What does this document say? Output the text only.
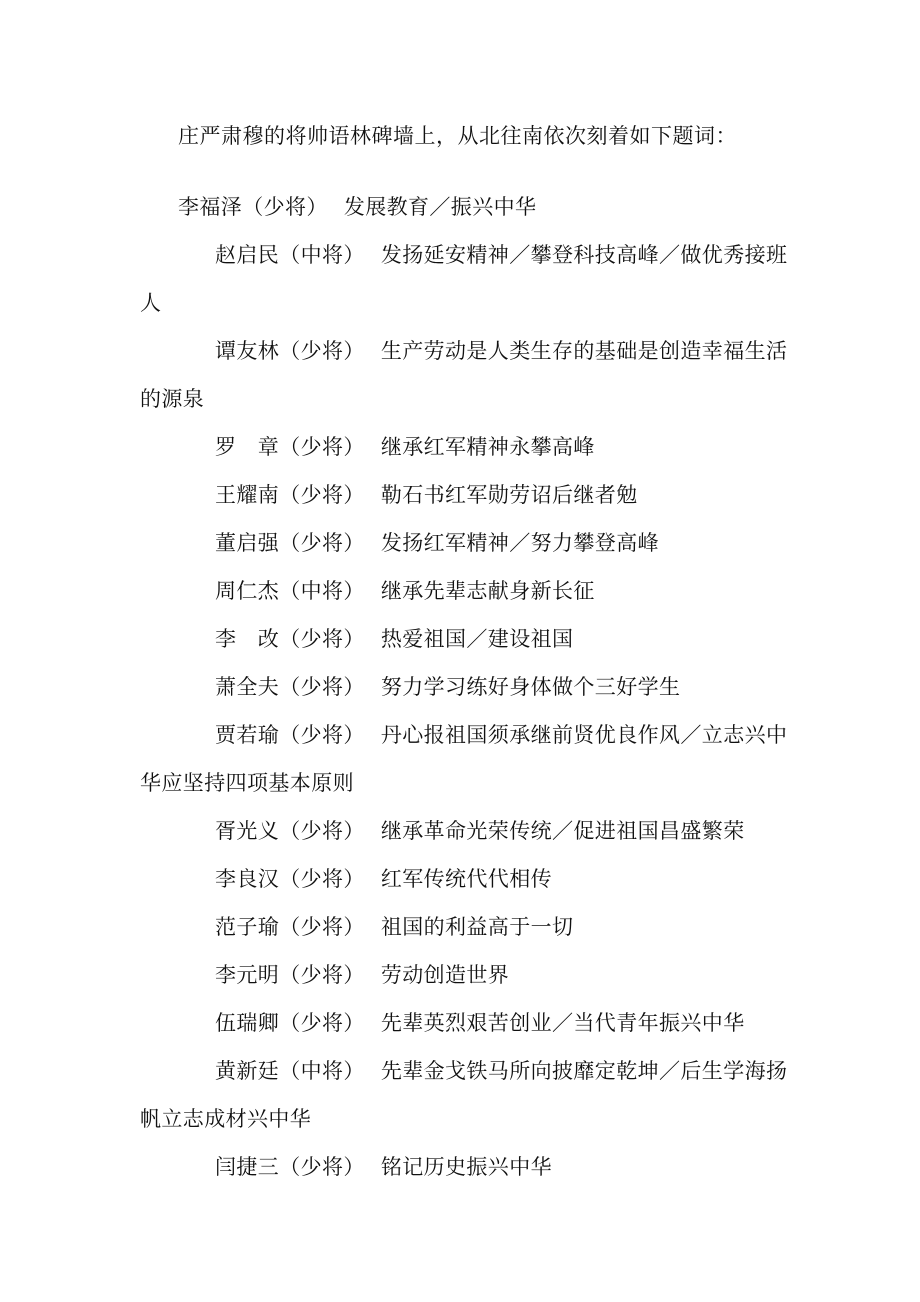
庄严肃穆的将帅语林碑墙上，从北往南依次刻着如下题词：
李福泽（少将） 发展教育／振兴中华
赵启民（中将） 发扬延安精神／攀登科技高峰／做优秀接班人
谭友林（少将） 生产劳动是人类生存的基础是创造幸福生活的源泉
罗　章（少将） 继承红军精神永攀高峰
王耀南（少将） 勒石书红军勋劳诏后继者勉
董启强（少将） 发扬红军精神／努力攀登高峰
周仁杰（中将） 继承先辈志献身新长征
李　改（少将） 热爱祖国／建设祖国
萧全夫（少将） 努力学习练好身体做个三好学生
贾若瑜（少将） 丹心报祖国须承继前贤优良作风／立志兴中华应坚持四项基本原则
胥光义（少将） 继承革命光荣传统／促进祖国昌盛繁荣
李良汉（少将） 红军传统代代相传
范子瑜（少将） 祖国的利益高于一切
李元明（少将） 劳动创造世界
伍瑞卿（少将） 先辈英烈艰苦创业／当代青年振兴中华
黄新廷（中将） 先辈金戈铁马所向披靡定乾坤／后生学海扬帆立志成材兴中华
闫捷三（少将） 铭记历史振兴中华
